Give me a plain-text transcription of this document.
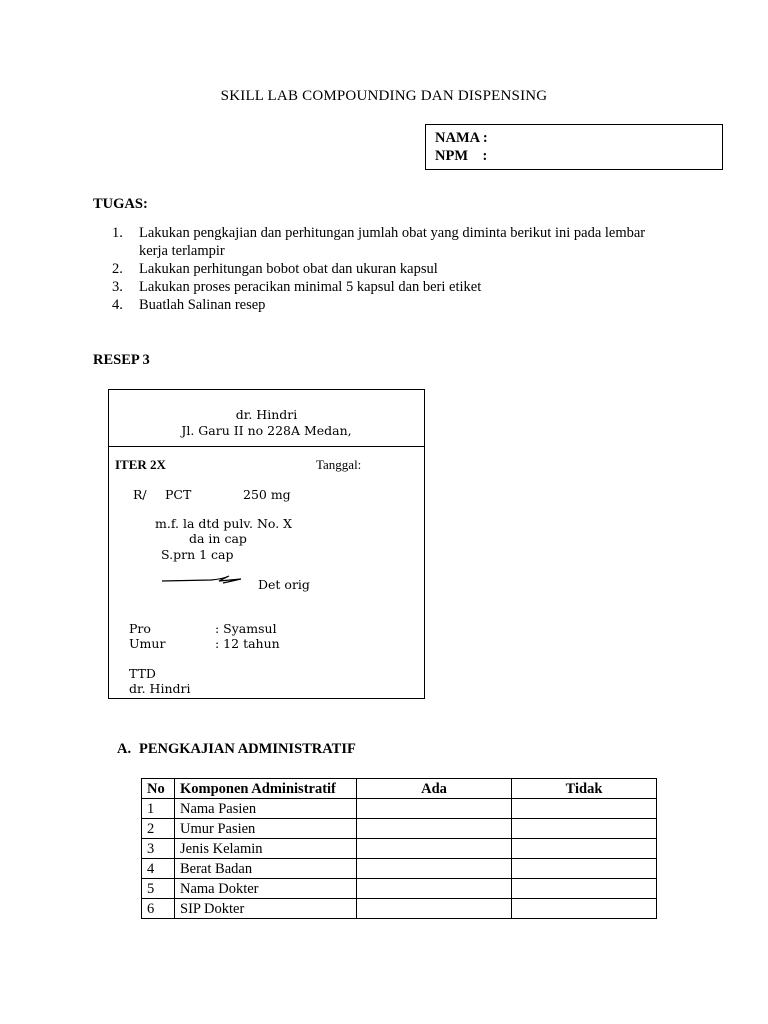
SKILL LAB COMPOUNDING DAN DISPENSING
NAMA :
NPM    :
TUGAS:
1. Lakukan pengkajian dan perhitungan jumlah obat yang diminta berikut ini pada lembar kerja terlampir
2. Lakukan perhitungan bobot obat dan ukuran kapsul
3. Lakukan proses peracikan minimal 5 kapsul dan beri etiket
4. Buatlah Salinan resep
RESEP 3
dr. Hindri
Jl. Garu II no 228A Medan,
ITER 2X	Tanggal:
R/ PCT	250 mg
m.f. la dtd pulv. No. X
da in cap
S.prn 1 cap
Det orig
Pro	: Syamsul
Umur	: 12 tahun
TTD
dr. Hindri
A. PENGKAJIAN ADMINISTRATIF
No	Komponen Administratif	Ada	Tidak
1	Nama Pasien		
2	Umur Pasien		
3	Jenis Kelamin		
4	Berat Badan		
5	Nama Dokter		
6	SIP Dokter		
